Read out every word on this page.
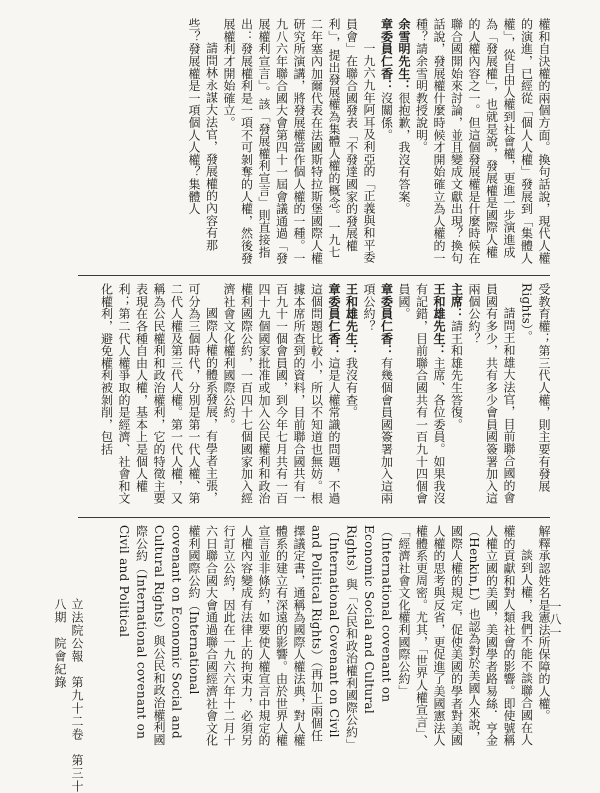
權和自決權的兩個方面。換句話說，現代人權的演進，已經從「個人人權」發展到「集體人權」，從自由人權到社會權，更進一步演進成為「發展權」，也就是說，發展權是國際人權的人權內容之一。但這個發展權是什麼時候在聯合國開始來討論，並且變成文獻出現？換句話說，發展權什麼時候才開始確立為人權的一種？請余雪明教授說明。

余雪明先生：很抱歉，我沒有答案。

章委員仁香：沒關係。

一九六九年阿耳及利亞的「正義與和平委員會」在聯合國發表「不發達國家的發展權利」，提出發展權為集體人權的概念。一九七二年塞內加爾代表在法國斯特拉斯堡國際人權研究所演講，將發展權當作個人權的一種。一九八六年聯合國大會第四十一屆會議通過「發展權利宣言」。該「發展權利宣言」則直接指出：發展權利是一項不可剝奪的人權，然後發展權利才開始確立。

請問林永謀大法官，發展權的內容有那些？發展權是一項個人人權？集體人

受教育權；第三代人權，則主要有發展

Rights）。

請問王和雄大法官，目前聯合國的會員國有多少，共有多少會員國簽署加入這兩個公約？

主席：請王和雄先生答復。

王和雄先生：主席、各位委員。如果我沒有記錯，目前聯合國共有一百九十四個會員國。

章委員仁香：有幾個會員國簽署加入這兩項公約？

王和雄先生：我沒有查。

章委員仁香：這是人權常識的問題，不過這個問題比較小，所以不知道也無妨。根據本席所查到的資料，目前聯合國共有一百九十一個會員國，到今年七月共有一百四十九個國家批准或加入公民權利和政治權利國際公約，一百四十七個國家加入經濟社會文化權利國際公約。

國際人權的體系發展，有學者主張，可分為三個時代，分別是第一代人權、第二代人權及第三代人權。第一代人權，又稱為公民權利和政治權利，它的特徵主要表現在各種自由人權，基本上是個人權利；第二代人權爭取的是經濟、社會和文化權利，避免權利被剝削，包括

解釋承認姓名是憲法所保障的人權。

談到人權，我們不能不談聯合國在人權的貢獻和對人類社會的影響。即使號稱人權立國的美國，美國學者路易絲．亨金（Henkin,L）也認為對於美國人來說，國際人權的規定，促使美國的學者對美國人權的思考與反省，更促進了美國憲法人權體系更周密。尤其，「世界人權宣言」、「經濟社會文化權利國際公約」（International covenant on Economic Social and Cultural Rights）與「公民和政治權利國際公約」（International Covenant on Civil and Political Rights）（再加上兩個任擇議定書，通稱為國際人權法典，對人權體系的建立有深遠的影響。由於世界人權宣言並非條約，如要使人權宣言中規定的人權內容變成有法律上的拘束力，必須另行訂立公約，因此在一九六六年十二月十六日聯合國大會通過聯合國經濟社會文化權利國際公約（International covenant on Economic Social and Cultural Rights）與公民和政治權利國際公約（International covenant on Civil and Political	一八一
立法院公報　第九十二卷　第三十八期　院會紀錄
